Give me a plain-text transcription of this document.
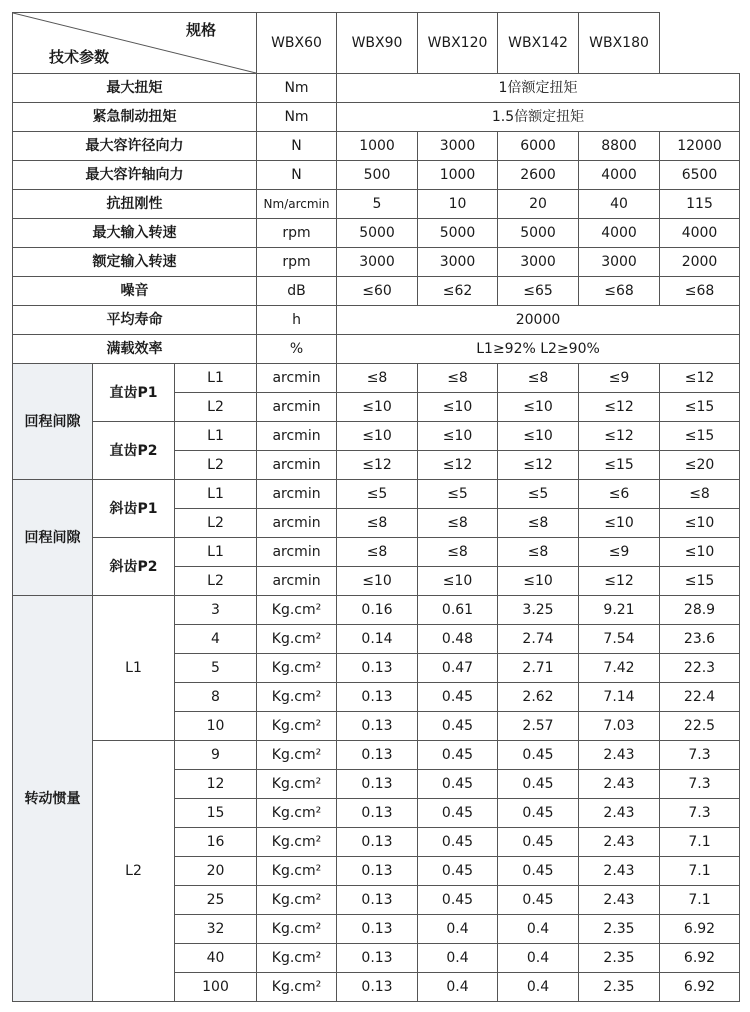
规格
技术参数			WBX60	WBX90	WBX120	WBX142	WBX180	
最大扭矩			Nm	1倍额定扭矩				
紧急制动扭矩			Nm	1.5倍额定扭矩				
最大容许径向力			N	1000	3000	6000	8800	12000
最大容许轴向力			N	500	1000	2600	4000	6500
抗扭刚性			Nm/arcmin	5	10	20	40	115
最大输入转速			rpm	5000	5000	5000	4000	4000
额定输入转速			rpm	3000	3000	3000	3000	2000
噪音			dB	≤60	≤62	≤65	≤68	≤68
平均寿命			h	20000				
满载效率			%	L1≥92% L2≥90%				
回程间隙	直齿P1	L1	arcmin	≤8	≤8	≤8	≤9	≤12
		L2	arcmin	≤10	≤10	≤10	≤12	≤15
	直齿P2	L1	arcmin	≤10	≤10	≤10	≤12	≤15
		L2	arcmin	≤12	≤12	≤12	≤15	≤20
回程间隙	斜齿P1	L1	arcmin	≤5	≤5	≤5	≤6	≤8
		L2	arcmin	≤8	≤8	≤8	≤10	≤10
	斜齿P2	L1	arcmin	≤8	≤8	≤8	≤9	≤10
		L2	arcmin	≤10	≤10	≤10	≤12	≤15
转动惯量	L1	3	Kg.cm²	0.16	0.61	3.25	9.21	28.9
		4	Kg.cm²	0.14	0.48	2.74	7.54	23.6
		5	Kg.cm²	0.13	0.47	2.71	7.42	22.3
		8	Kg.cm²	0.13	0.45	2.62	7.14	22.4
		10	Kg.cm²	0.13	0.45	2.57	7.03	22.5
	L2	9	Kg.cm²	0.13	0.45	0.45	2.43	7.3
		12	Kg.cm²	0.13	0.45	0.45	2.43	7.3
		15	Kg.cm²	0.13	0.45	0.45	2.43	7.3
		16	Kg.cm²	0.13	0.45	0.45	2.43	7.1
		20	Kg.cm²	0.13	0.45	0.45	2.43	7.1
		25	Kg.cm²	0.13	0.45	0.45	2.43	7.1
		32	Kg.cm²	0.13	0.4	0.4	2.35	6.92
		40	Kg.cm²	0.13	0.4	0.4	2.35	6.92
		100	Kg.cm²	0.13	0.4	0.4	2.35	6.92
